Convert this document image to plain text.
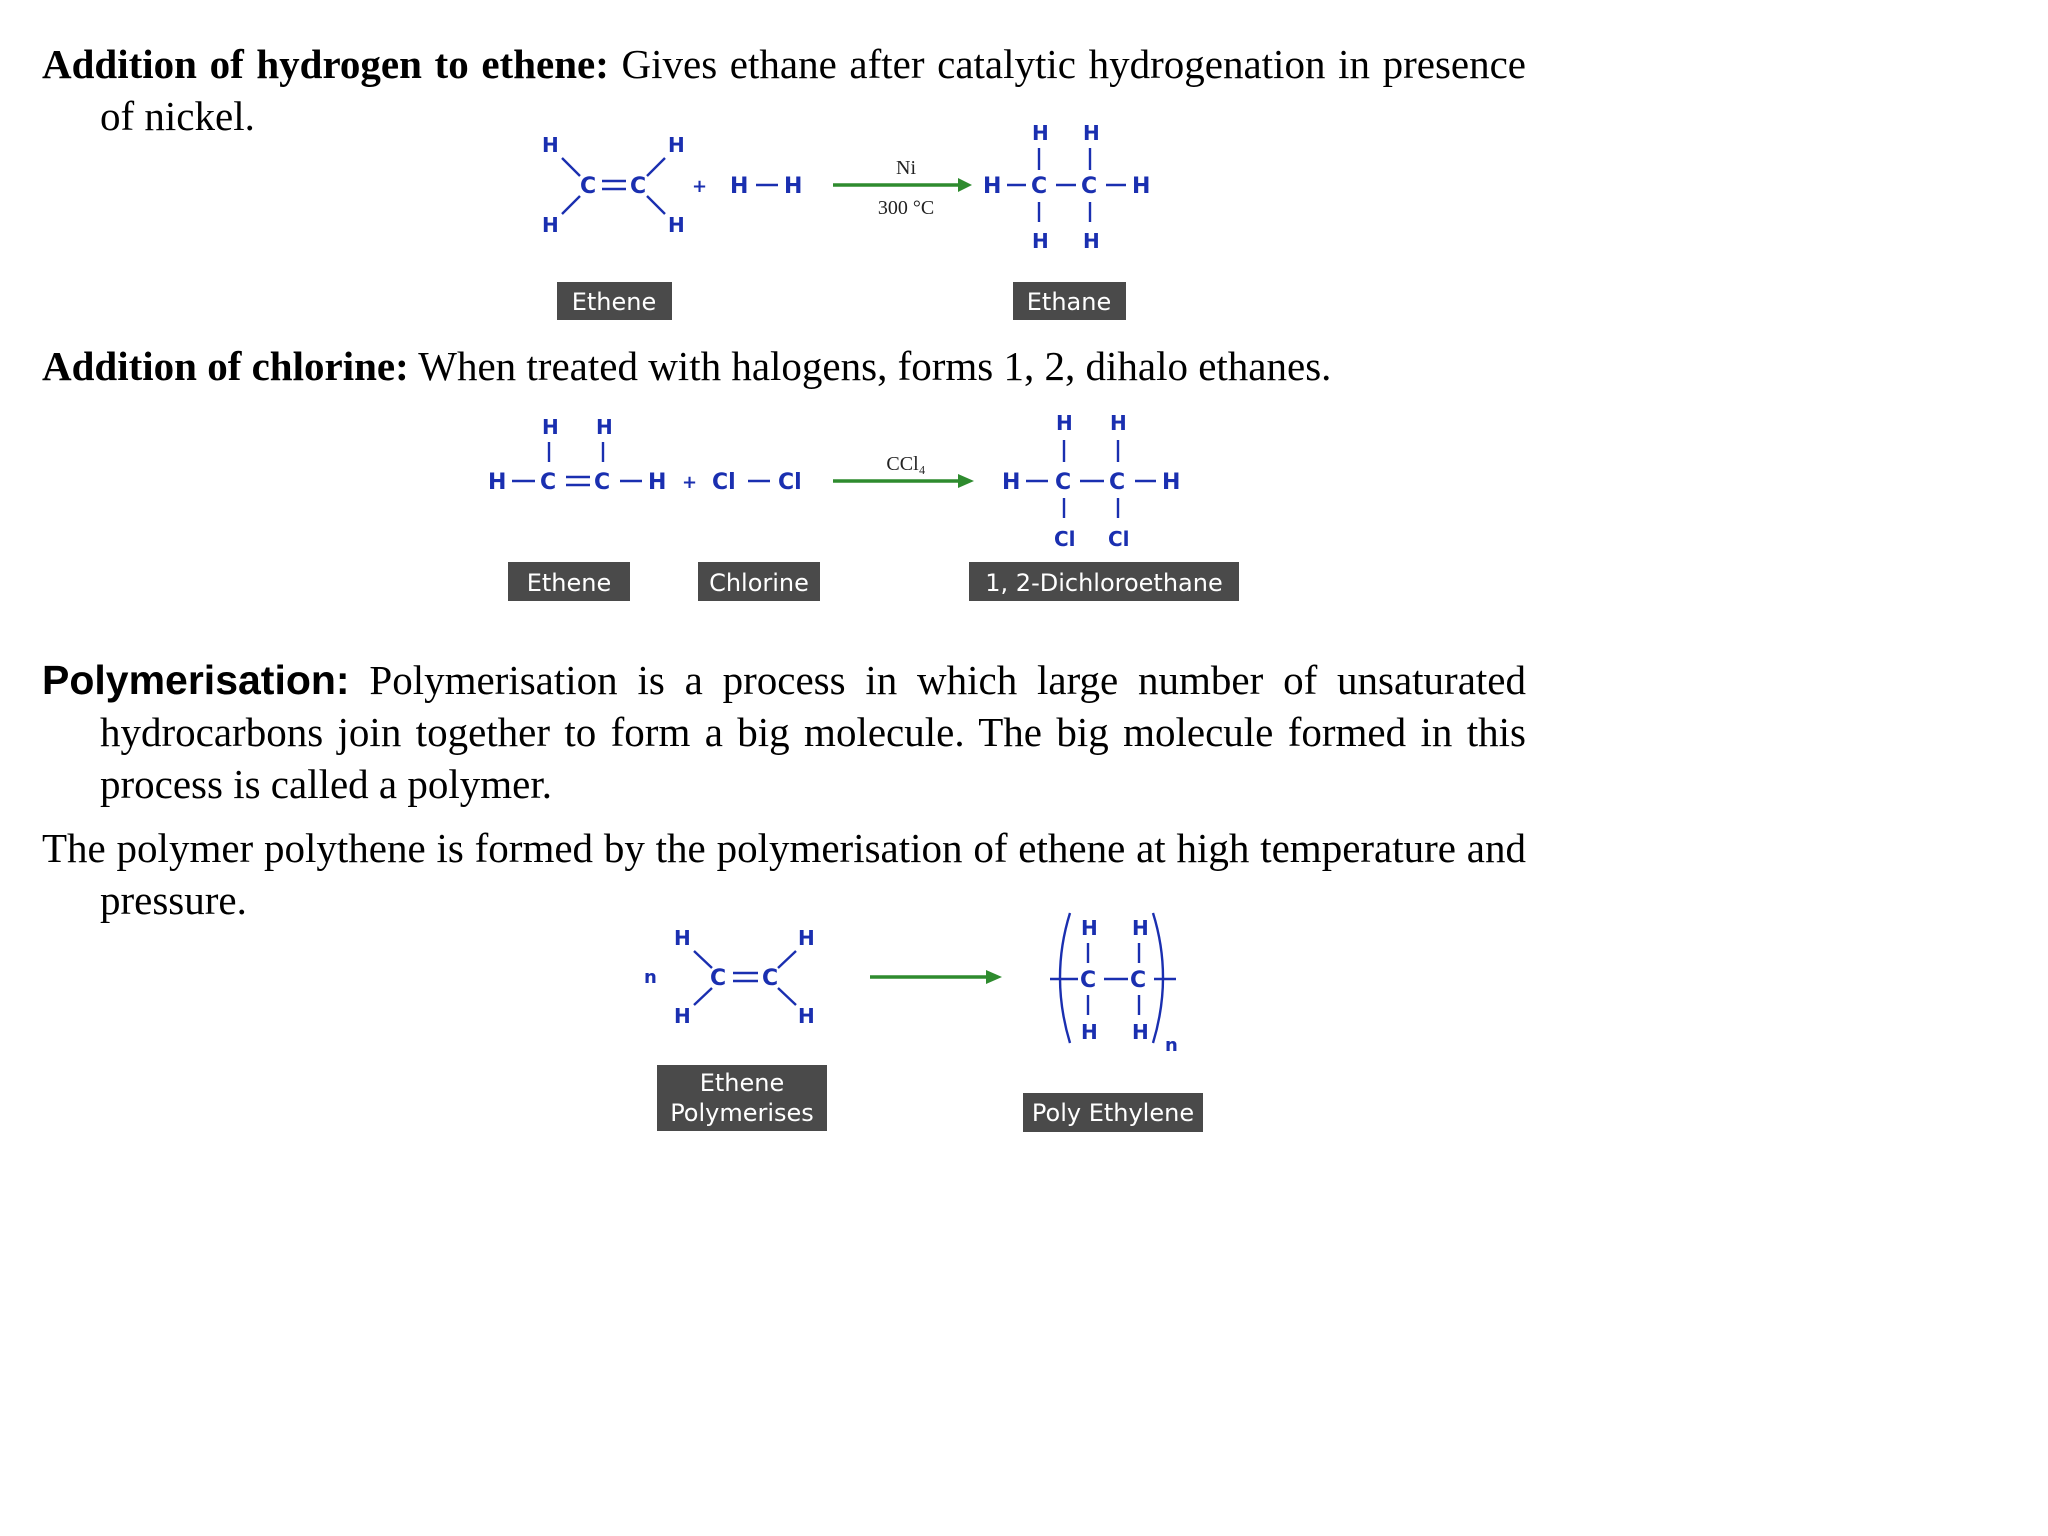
Addition of hydrogen to ethene: Gives ethane after catalytic hydrogenation in presence of nickel.
H	H
H	H
C C	+ H H
Ni
300 °C
H H
H C C H
H H
Ethene	Ethane
Addition of chlorine: When treated with halogens, forms 1, 2, dihalo ethanes.
H H
H C C H + Cl Cl
CCl₄
H H
H C C H
Cl Cl
Ethene	Chlorine	1, 2-Dichloroethane
Polymerisation: Polymerisation is a process in which large number of unsaturated hydrocarbons join together to form a big molecule. The big molecule formed in this process is called a polymer.
The polymer polythene is formed by the polymerisation of ethene at high temperature and pressure.
n
H	H
H	H
C C
H H
C C
H H
n
Ethene
Polymerises	Poly Ethylene
